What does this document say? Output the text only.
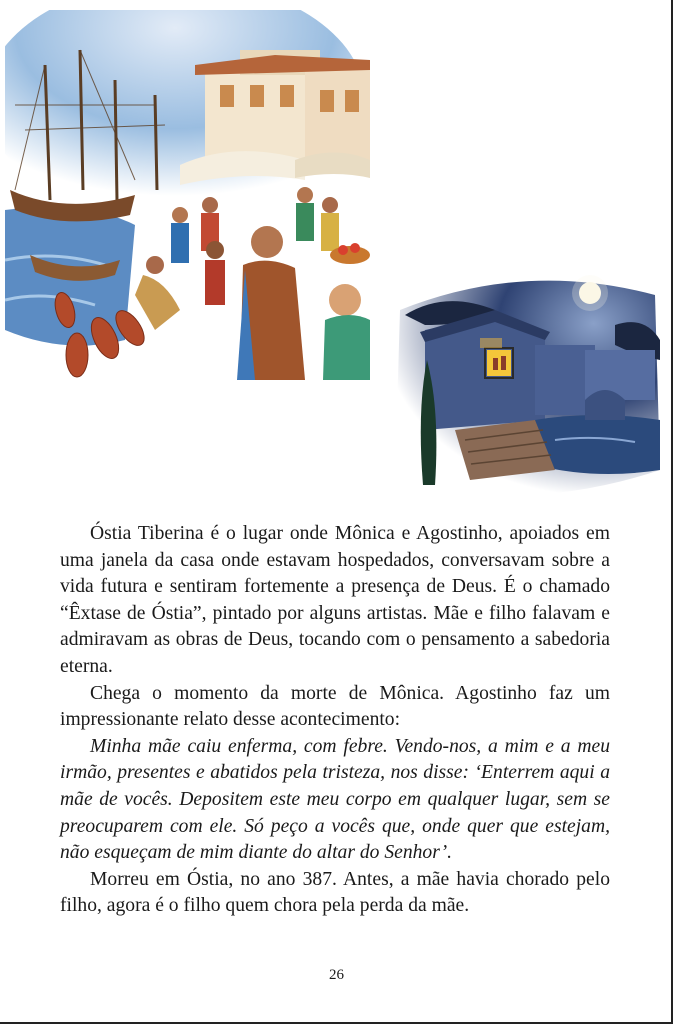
Óstia Tiberina é o lugar onde Mônica e Agostinho, apoiados em uma janela da casa onde estavam hospedados, conversavam sobre a vida futura e sentiram fortemente a presença de Deus. É o chamado “Êxtase de Óstia”, pintado por alguns artistas. Mãe e filho falavam e admiravam as obras de Deus, tocando com o pensamento a sabedoria eterna.

Chega o momento da morte de Mônica. Agostinho faz um impressionante relato desse acontecimento:

Minha mãe caiu enferma, com febre. Vendo-nos, a mim e a meu irmão, presentes e abatidos pela tristeza, nos disse: ‘Enterrem aqui a mãe de vocês. Depositem este meu corpo em qualquer lugar, sem se preocuparem com ele. Só peço a vocês que, onde quer que estejam, não esqueçam de mim diante do altar do Senhor’.

Morreu em Óstia, no ano 387. Antes, a mãe havia chorado pelo filho, agora é o filho quem chora pela perda da mãe.

26
